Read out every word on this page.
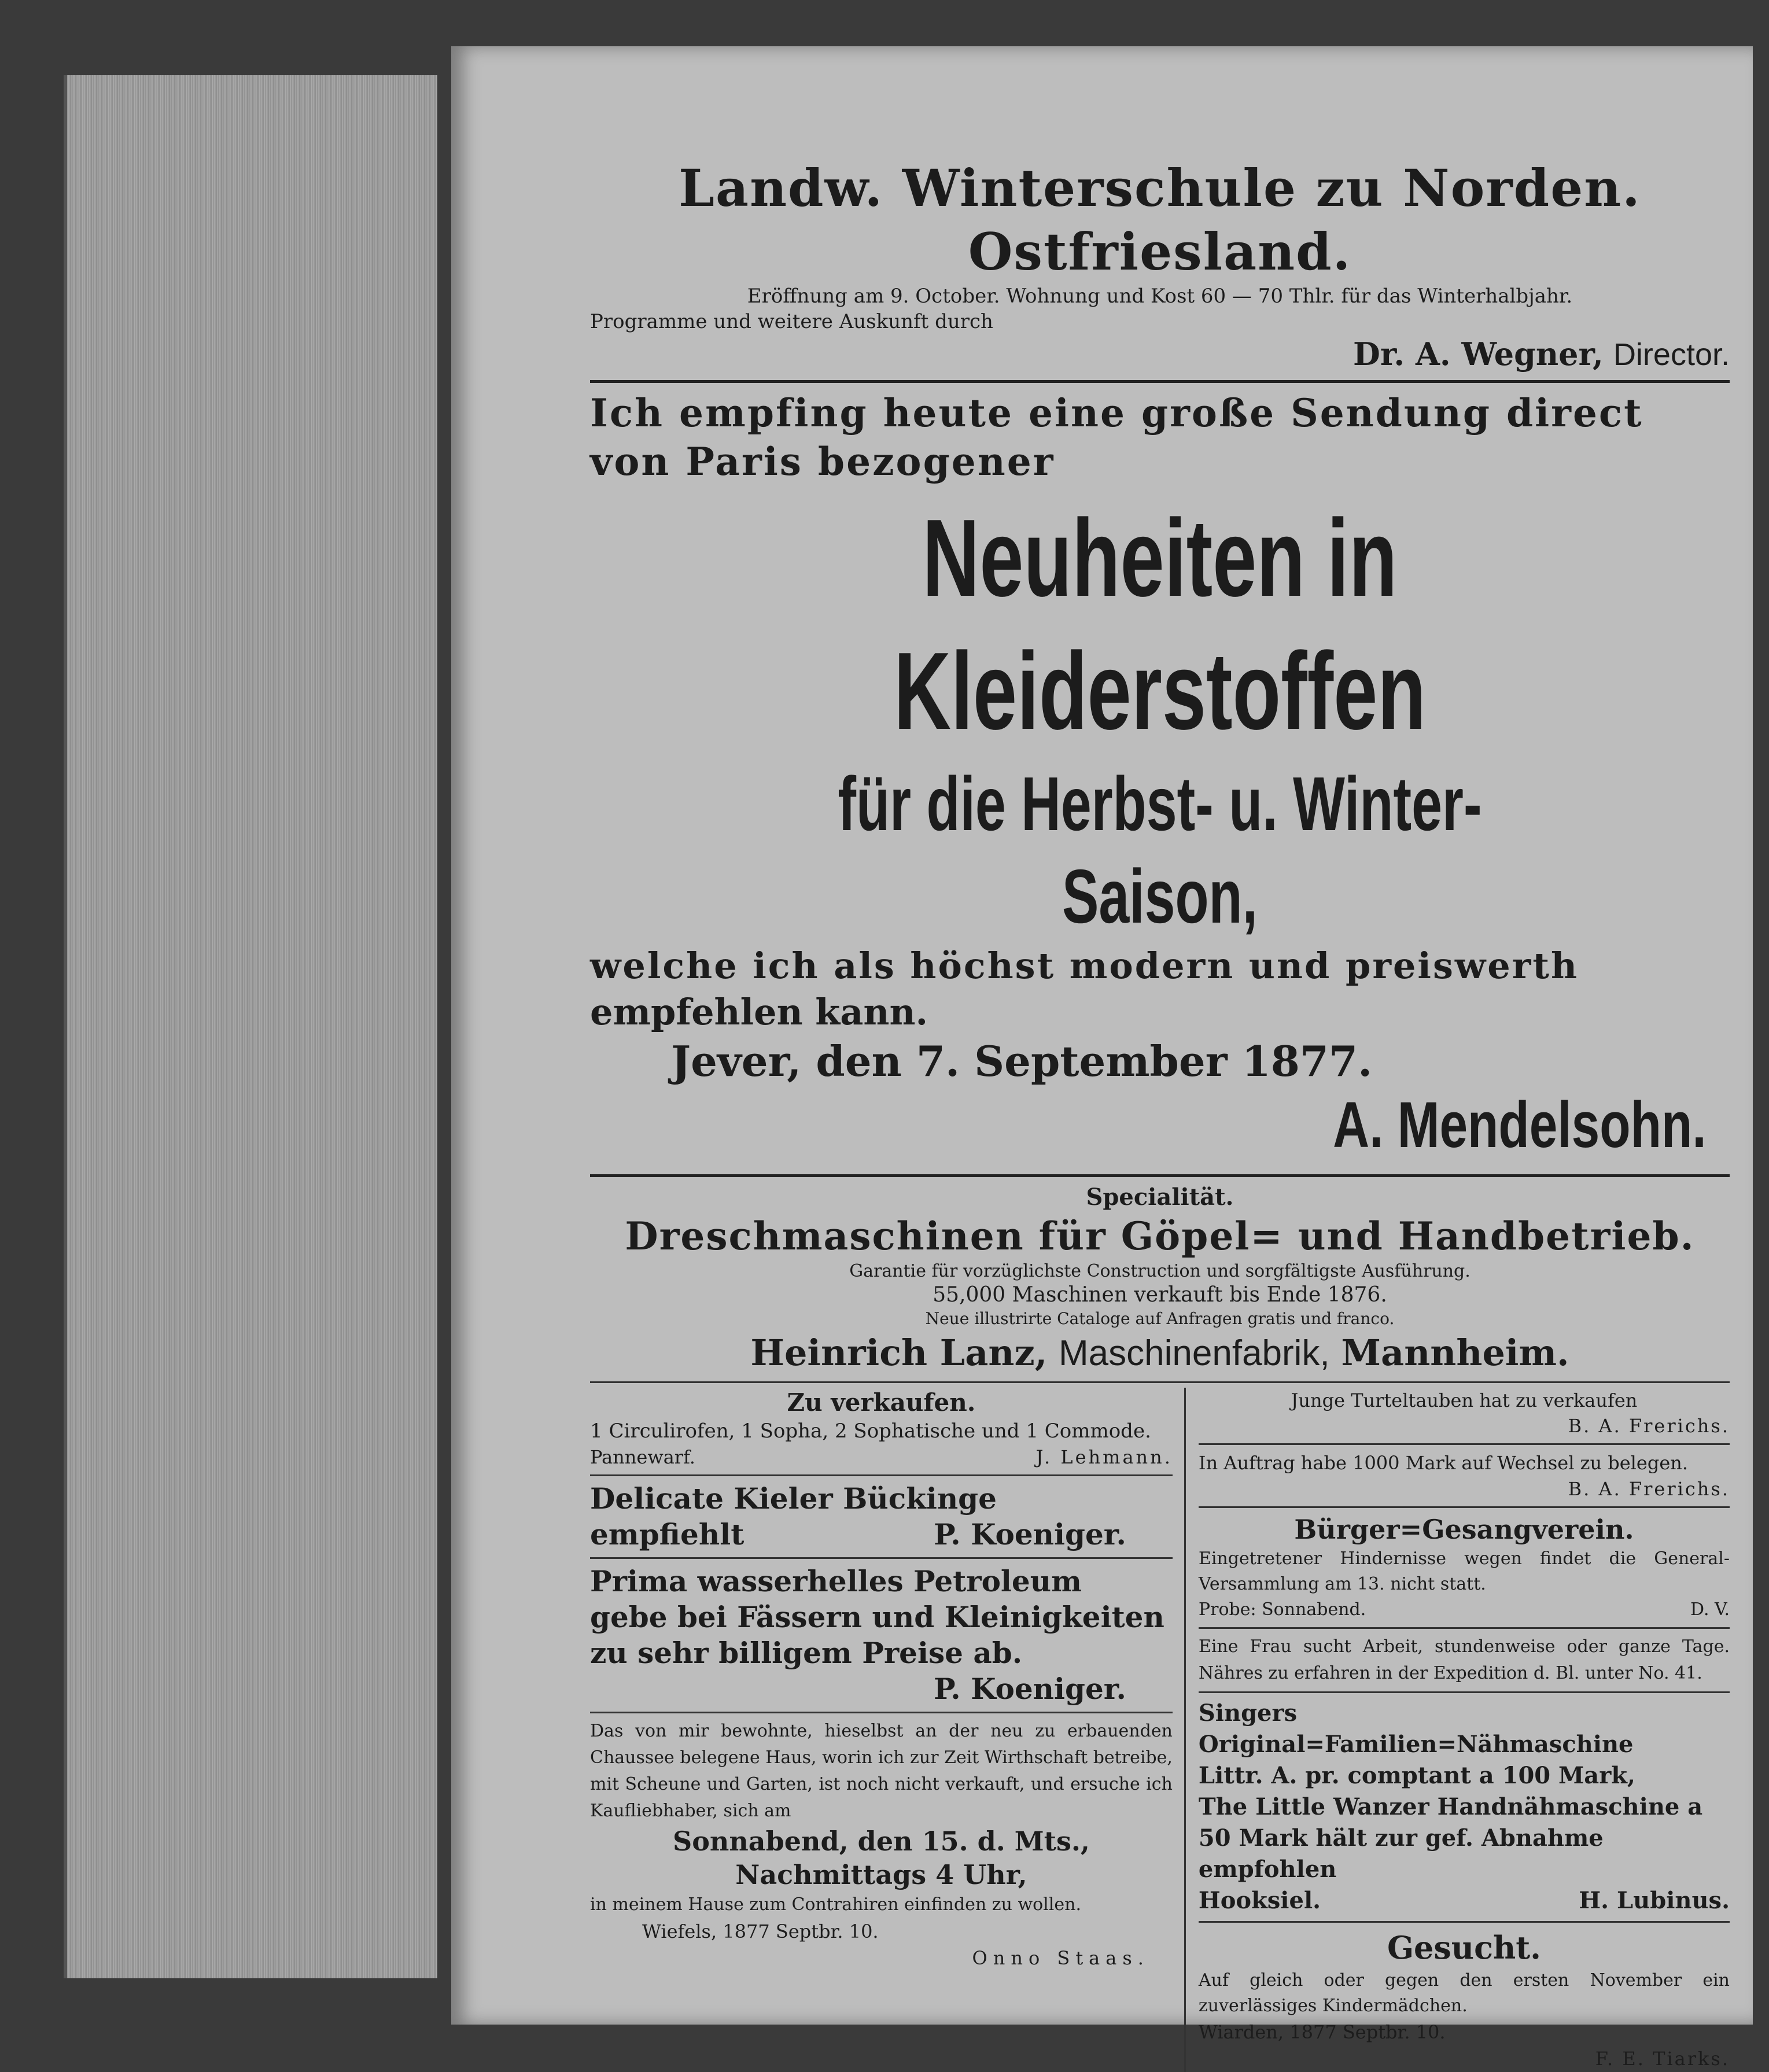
Landw. Winterschule zu Norden. Ostfriesland.

Eröffnung am 9. October. Wohnung und Kost 60 — 70 Thlr. für das Winterhalbjahr.

Programme und weitere Auskunft durch

Dr. A. Wegner, Director.

Ich empfing heute eine große Sendung direct

von Paris bezogener

Neuheiten in Kleiderstoffen

für die Herbst- u. Winter-Saison,

welche ich als höchst modern und preiswerth

empfehlen kann.

Jever, den 7. September 1877.

A. Mendelsohn.

Specialität.

Dreschmaschinen für Göpel= und Handbetrieb.

Garantie für vorzüglichste Construction und sorgfältigste Ausführung.

55,000 Maschinen verkauft bis Ende 1876.

Neue illustrirte Cataloge auf Anfragen gratis und franco.

Heinrich Lanz, Maschinenfabrik, Mannheim.

Zu verkaufen.

1 Circulirofen, 1 Sopha, 2 Sophatische und 1 Commode.

Pannewarf.	J. Lehmann.

Delicate Kieler Bückinge

empfiehlt	P. Koeniger.

Prima wasserhelles Petroleum

gebe bei Fässern und Kleinigkeiten

zu sehr billigem Preise ab.

P. Koeniger.

Das von mir bewohnte, hieselbst an der neu zu erbauenden Chaussee belegene Haus, worin ich zur Zeit Wirthschaft betreibe, mit Scheune und Garten, ist noch nicht verkauft, und ersuche ich Kaufliebhaber, sich am

Sonnabend, den 15. d. Mts.,

Nachmittags 4 Uhr,

in meinem Hause zum Contrahiren einfinden zu wollen.

Wiefels, 1877 Septbr. 10.

Onno Staas.

Junge Turteltauben hat zu verkaufen

B. A. Frerichs.

In Auftrag habe 1000 Mark auf Wechsel zu belegen.

B. A. Frerichs.

Bürger=Gesangverein.

Eingetretener Hindernisse wegen findet die General-Versammlung am 13. nicht statt.

Probe: Sonnabend.	D. V.

Eine Frau sucht Arbeit, stundenweise oder ganze Tage. Nähres zu erfahren in der Expedition d. Bl. unter No. 41.

Singers Original=Familien=Nähmaschine

Littr. A. pr. comptant a 100 Mark,

The Little Wanzer Handnähmaschine a

50 Mark hält zur gef. Abnahme empfohlen

Hooksiel.	H. Lubinus.

Gesucht.

Auf gleich oder gegen den ersten November ein zuverlässiges Kindermädchen.

Wiarden, 1877 Septbr. 10.

F. E. Tiarks.
